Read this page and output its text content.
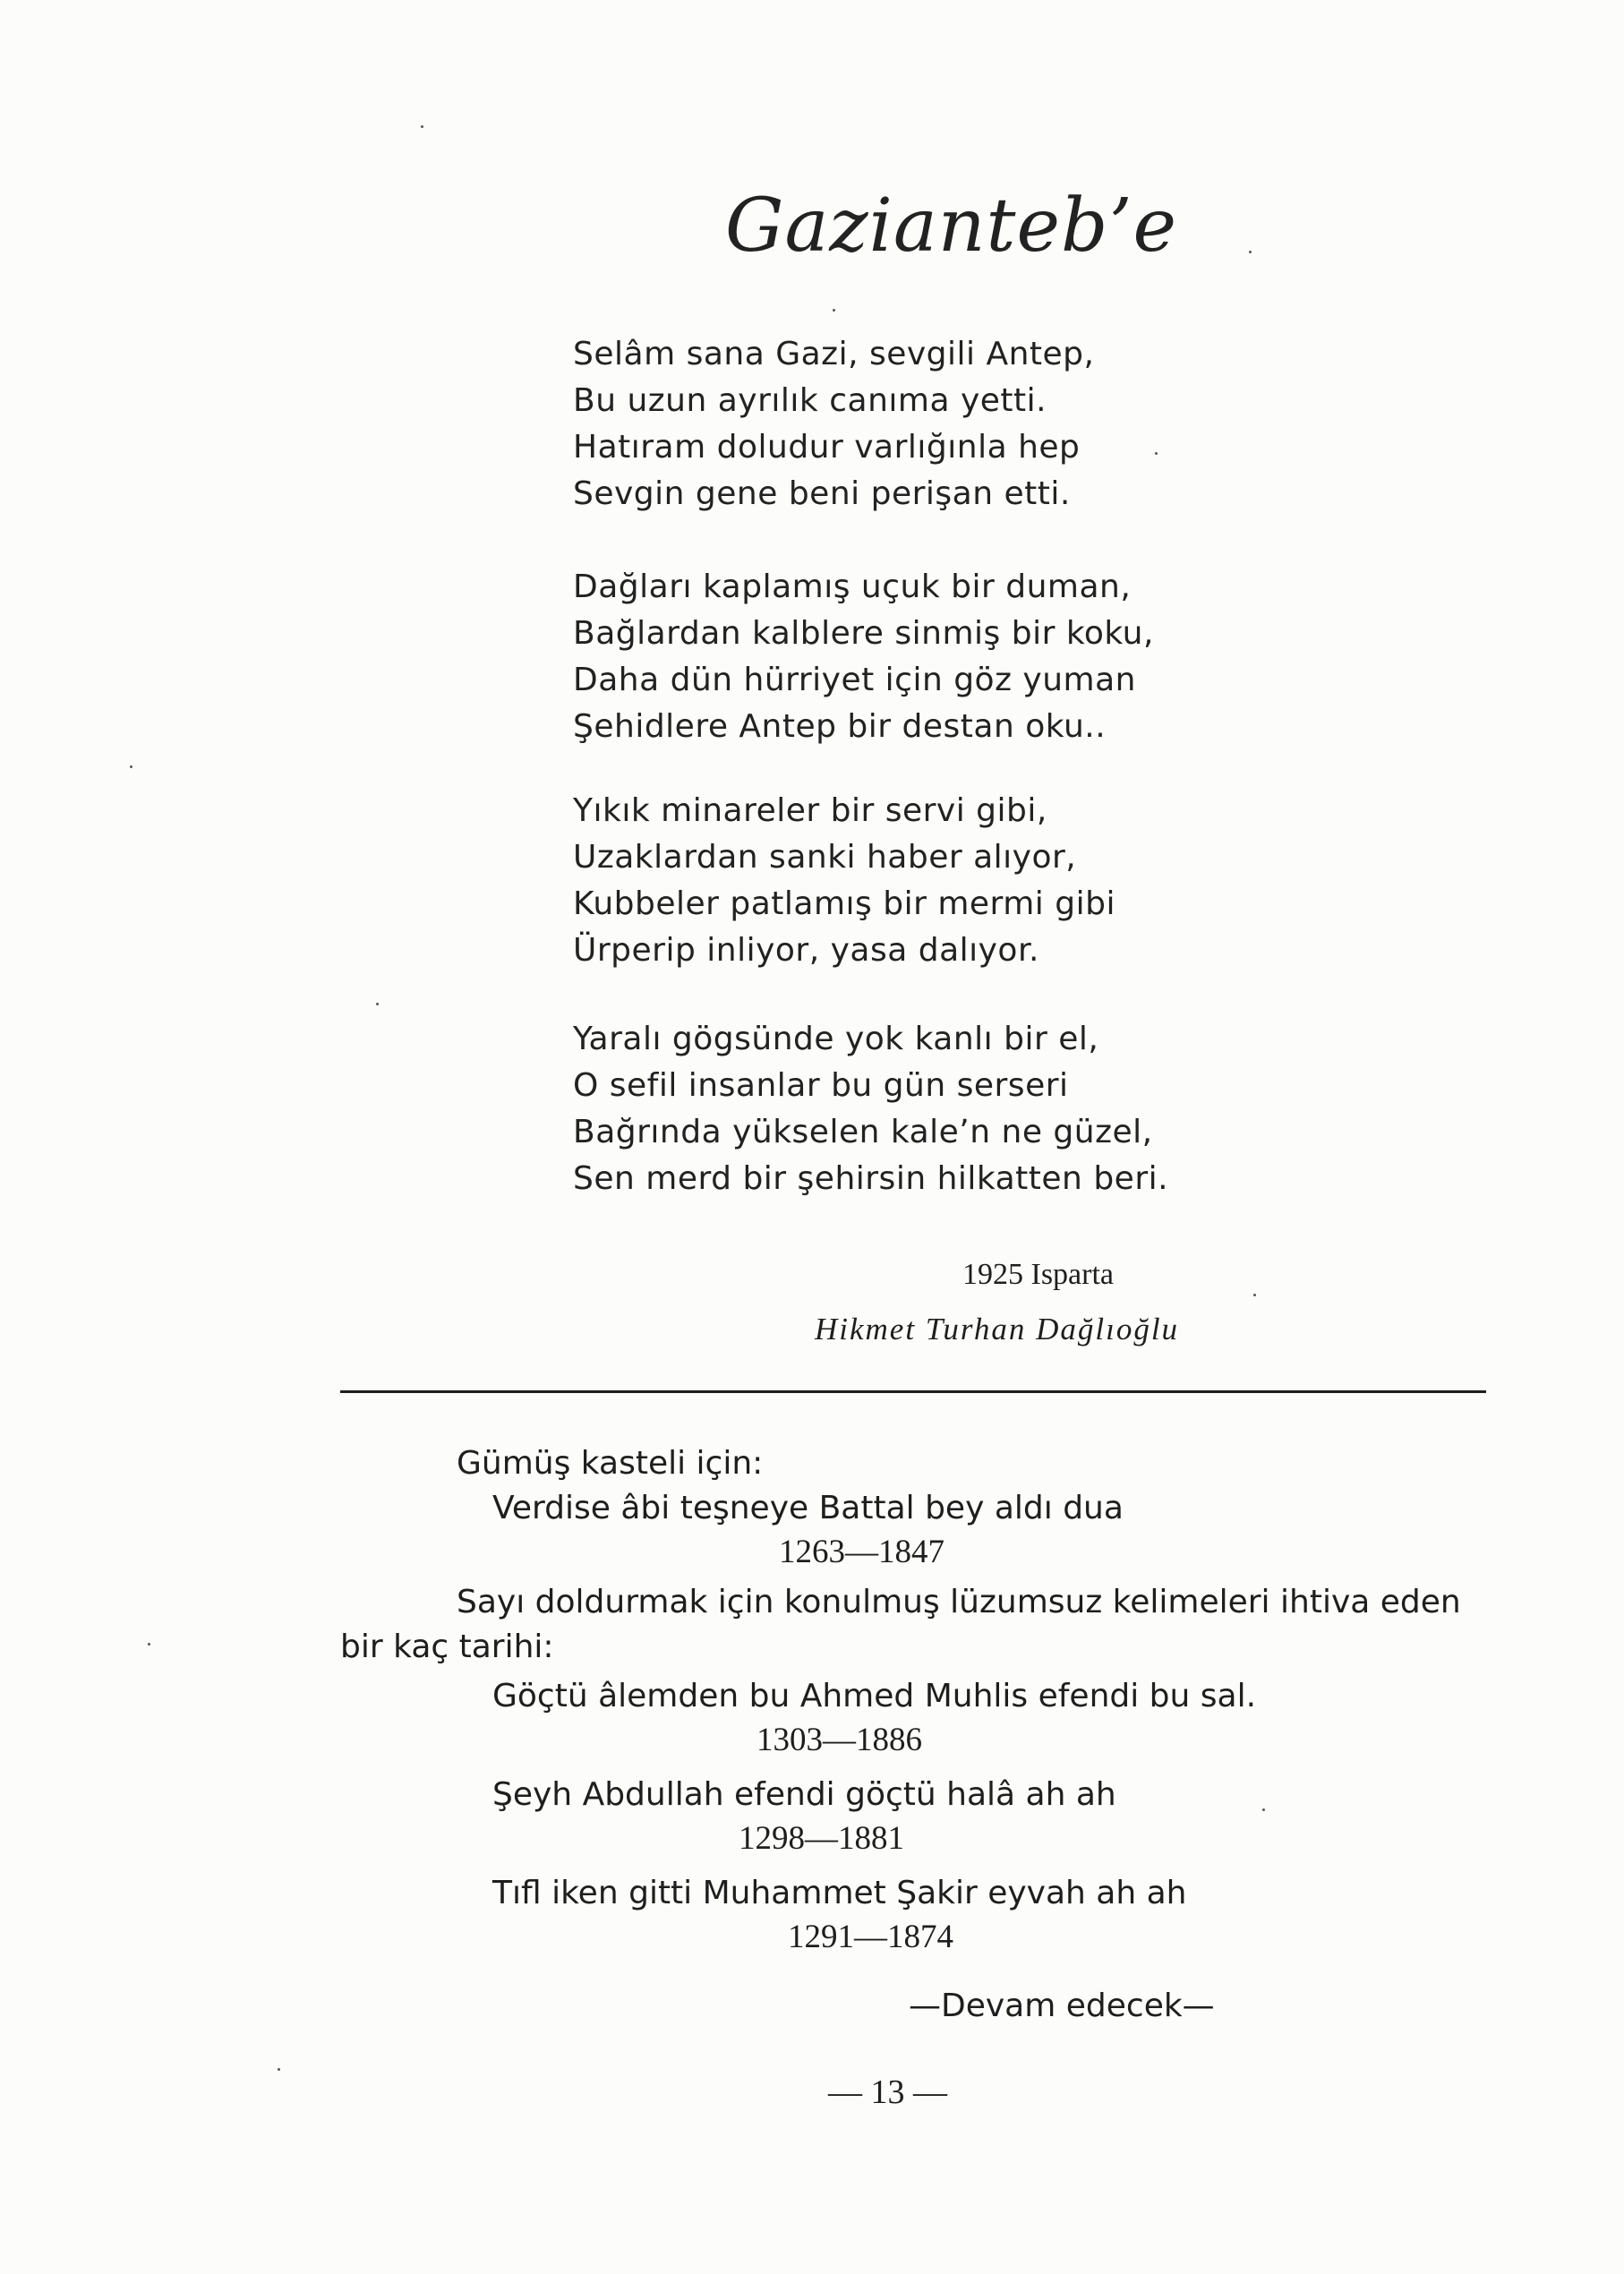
Gazianteb’e
Selâm sana Gazi, sevgili Antep,
Bu uzun ayrılık canıma yetti.
Hatıram doludur varlığınla hep
Sevgin gene beni perişan etti.
Dağları kaplamış uçuk bir duman,
Bağlardan kalblere sinmiş bir koku,
Daha dün hürriyet için göz yuman
Şehidlere Antep bir destan oku..
Yıkık minareler bir servi gibi,
Uzaklardan sanki haber alıyor,
Kubbeler patlamış bir mermi gibi
Ürperip inliyor, yasa dalıyor.
Yaralı gögsünde yok kanlı bir el,
O sefil insanlar bu gün serseri
Bağrında yükselen kale’n ne güzel,
Sen merd bir şehirsin hilkatten beri.
1925 Isparta
Hikmet Turhan Dağlıoğlu
Gümüş kasteli için:
Verdise âbi teşneye Battal bey aldı dua
1263—1847
Sayı doldurmak için konulmuş lüzumsuz kelimeleri ihtiva eden
bir kaç tarihi:
Göçtü âlemden bu Ahmed Muhlis efendi bu sal.
1303—1886
Şeyh Abdullah efendi göçtü halâ ah ah
1298—1881
Tıfl iken gitti Muhammet Şakir eyvah ah ah
1291—1874
—Devam edecek—
— 13 —
